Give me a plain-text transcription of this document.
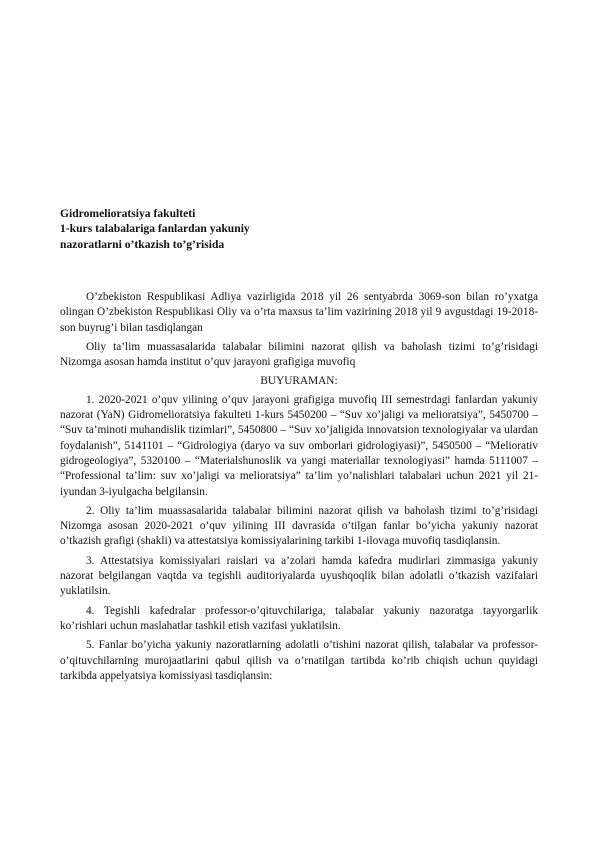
Gidromelioratsiya fakulteti
1-kurs talabalariga fanlardan yakuniy
nazoratlarni o’tkazish to’g’risida

O’zbekiston Respublikasi Adliya vazirligida 2018 yil 26 sentyabrda 3069-son bilan ro’yxatga olingan O’zbekiston Respublikasi Oliy va o’rta maxsus ta’lim vazirining 2018 yil 9 avgustdagi 19-2018-son buyrug’i bilan tasdiqlangan

Oliy ta’lim muassasalarida talabalar bilimini nazorat qilish va baholash tizimi to’g’risidagi Nizomga asosan hamda institut o’quv jarayoni grafigiga muvofiq

BUYURAMAN:

1. 2020-2021 o’quv yilining o’quv jarayoni grafigiga muvofiq III semestrdagi fanlardan yakuniy nazorat (YaN) Gidromelioratsiya fakulteti 1-kurs 5450200 – “Suv xo’jaligi va melioratsiya”, 5450700 – “Suv ta’minoti muhandislik tizimlari”, 5450800 – “Suv xo’jaligida innovatsion texnologiyalar va ulardan foydalanish”, 5141101 – “Gidrologiya (daryo va suv omborlari gidrologiyasi)”, 5450500 – “Meliorativ gidrogeologiya”, 5320100 – “Materialshunoslik va yangi materiallar texnologiyasi” hamda 5111007 – “Professional ta’lim: suv xo’jaligi va melioratsiya” ta’lim yo’nalishlari talabalari uchun 2021 yil 21-iyundan 3-iyulgacha belgilansin.

2. Oliy ta’lim muassasalarida talabalar bilimini nazorat qilish va baholash tizimi to’g’risidagi Nizomga asosan 2020-2021 o’quv yilining III davrasida o’tilgan fanlar bo’yicha yakuniy nazorat o’tkazish grafigi (shakli) va attestatsiya komissiyalarining tarkibi 1-ilovaga muvofiq tasdiqlansin.

3. Attestatsiya komissiyalari raislari va a’zolari hamda kafedra mudirlari zimmasiga yakuniy nazorat belgilangan vaqtda va tegishli auditoriyalarda uyushqoqlik bilan adolatli o’tkazish vazifalari yuklatilsin.

4. Tegishli kafedralar professor-o’qituvchilariga, talabalar yakuniy nazoratga tayyorgarlik ko’rishlari uchun maslahatlar tashkil etish vazifasi yuklatilsin.

5. Fanlar bo’yicha yakuniy nazoratlarning adolatli o’tishini nazorat qilish, talabalar va professor-o’qituvchilarning murojaatlarini qabul qilish va o’rnatilgan tartibda ko’rib chiqish uchun quyidagi tarkibda appelyatsiya komissiyasi tasdiqlansin:
